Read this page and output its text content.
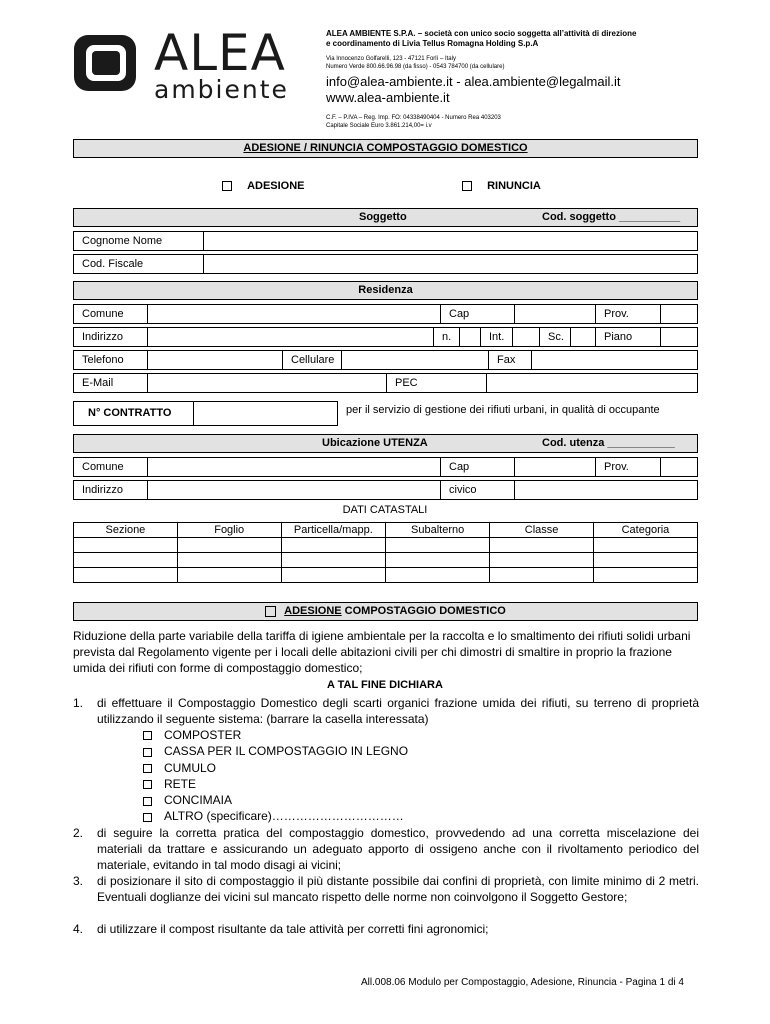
ALEA
ambiente
ALEA AMBIENTE S.P.A. – società con unico socio soggetta all’attività di direzione
e coordinamento di Livia Tellus Romagna Holding S.p.A
Via Innocenzo Golfarelli, 123 - 47121 Forlì – Italy
Numero Verde 800.66.96.98 (da fisso) - 0543 784700 (da cellulare)
info@alea-ambiente.it - alea.ambiente@legalmail.it
www.alea-ambiente.it
C.F. – P.IVA – Reg. Imp. FO: 04338490404 - Numero Rea 403203
Capitale Sociale Euro 3.861.214,00= i.v
ADESIONE / RINUNCIA COMPOSTAGGIO DOMESTICO
ADESIONE	RINUNCIA
Soggetto	Cod. soggetto __________
Cognome Nome
Cod. Fiscale
Residenza
Comune	Cap	Prov.
Indirizzo	n.	Int.	Sc.	Piano
Telefono	Cellulare	Fax
E-Mail	PEC
N° CONTRATTO	per il servizio di gestione dei rifiuti urbani, in qualità di occupante
Ubicazione UTENZA	Cod. utenza ___________
Comune	Cap	Prov.
Indirizzo	civico
DATI CATASTALI
Sezione	Foglio	Particella/mapp.	Subalterno	Classe	Categoria

ADESIONE COMPOSTAGGIO DOMESTICO
Riduzione della parte variabile della tariffa di igiene ambientale per la raccolta e lo smaltimento dei rifiuti solidi urbani prevista dal Regolamento vigente per i locali delle abitazioni civili per chi dimostri di smaltire in proprio la frazione umida dei rifiuti con forme di compostaggio domestico;
A TAL FINE DICHIARA
1. di effettuare il Compostaggio Domestico degli scarti organici frazione umida dei rifiuti, su terreno di proprietà utilizzando il seguente sistema: (barrare la casella interessata)
COMPOSTER
CASSA PER IL COMPOSTAGGIO IN LEGNO
CUMULO
RETE
CONCIMAIA
ALTRO (specificare)……………………………
2. di seguire la corretta pratica del compostaggio domestico, provvedendo ad una corretta miscelazione dei materiali da trattare e assicurando un adeguato apporto di ossigeno anche con il rivoltamento periodico del materiale, evitando in tal modo disagi ai vicini;
3. di posizionare il sito di compostaggio il più distante possibile dai confini di proprietà, con limite minimo di 2 metri. Eventuali doglianze dei vicini sul mancato rispetto delle norme non coinvolgono il Soggetto Gestore;
4. di utilizzare il compost risultante da tale attività per corretti fini agronomici;
All.008.06 Modulo per Compostaggio, Adesione, Rinuncia - Pagina 1 di 4
